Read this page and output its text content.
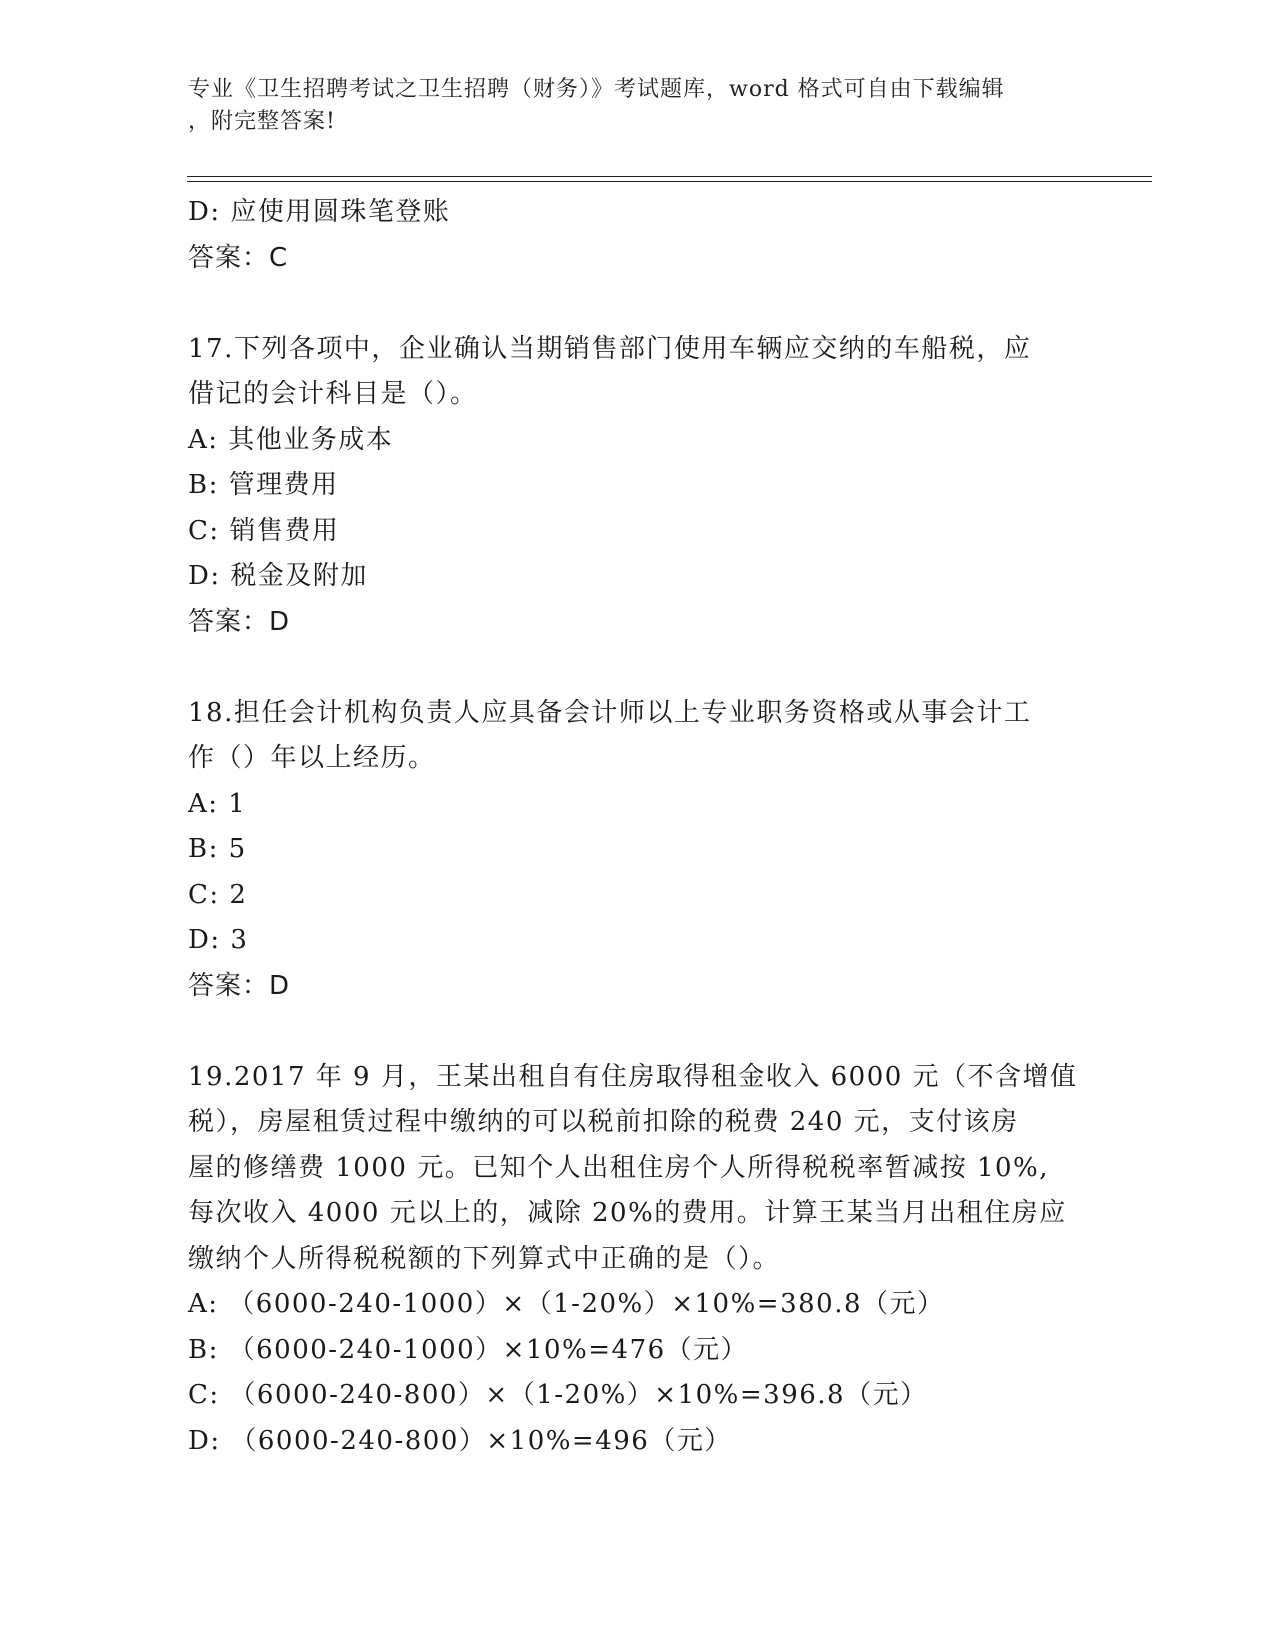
专业《卫生招聘考试之卫生招聘（财务）》考试题库，word 格式可自由下载编辑
，附完整答案!
D: 应使用圆珠笔登账
答案：C
17.下列各项中，企业确认当期销售部门使用车辆应交纳的车船税，应
借记的会计科目是（）。
A: 其他业务成本
B: 管理费用
C: 销售费用
D: 税金及附加
答案：D
18.担任会计机构负责人应具备会计师以上专业职务资格或从事会计工
作（）年以上经历。
A: 1
B: 5
C: 2
D: 3
答案：D
19.2017 年 9 月，王某出租自有住房取得租金收入 6000 元（不含增值
税），房屋租赁过程中缴纳的可以税前扣除的税费 240 元，支付该房
屋的修缮费 1000 元。已知个人出租住房个人所得税税率暂减按 10%,
每次收入 4000 元以上的，减除 20%的费用。计算王某当月出租住房应
缴纳个人所得税税额的下列算式中正确的是（）。
A: （6000-240-1000）×（1-20%）×10%=380.8（元）
B: （6000-240-1000）×10%=476（元）
C: （6000-240-800）×（1-20%）×10%=396.8（元）
D: （6000-240-800）×10%=496（元）
